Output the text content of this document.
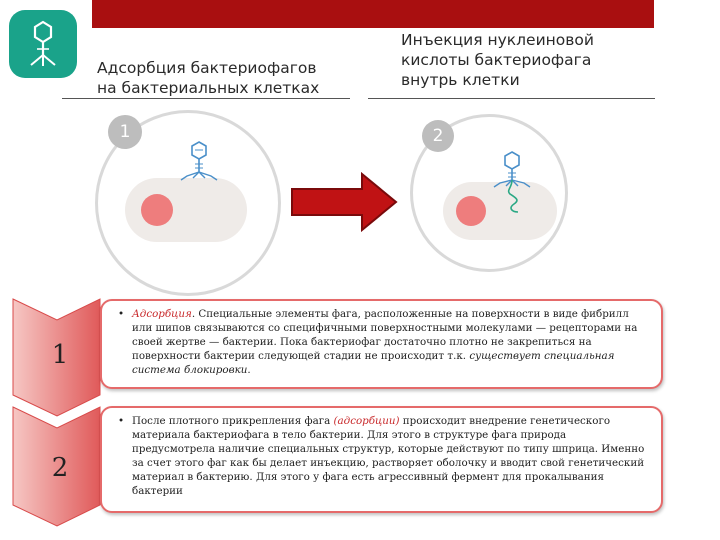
Адсорбция бактериофагов
на бактериальных клетках
Инъекция нуклеиновой
кислоты бактериофага
внутрь клетки
1	2
1
2
• Адсорбция. Специальные элементы фага, расположенные на поверхности в виде фибрилл или шипов связываются со специфичными поверхностными молекулами — рецепторами на своей жертве — бактерии. Пока бактериофаг достаточно плотно не закрепиться на поверхности бактерии следующей стадии не происходит т.к. существует специальная система блокировки.
• После плотного прикрепления фага (адсорбции) происходит внедрение генетического материала бактериофага в тело бактерии. Для этого в структуре фага природа предусмотрела наличие специальных структур, которые действуют по типу шприца. Именно за счет этого фаг как бы делает инъекцию, растворяет оболочку и вводит свой генетический материал в бактерию. Для этого у фага есть агрессивный фермент для прокалывания бактерии
